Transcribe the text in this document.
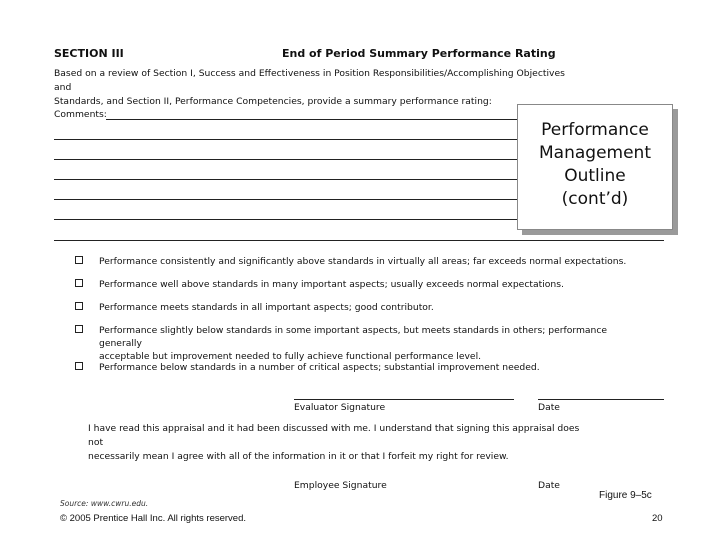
SECTION III	End of Period Summary Performance Rating
Based on a review of Section I, Success and Effectiveness in Position Responsibilities/Accomplishing Objectives and
Standards, and Section II, Performance Competencies, provide a summary performance rating:
Comments:
Performance consistently and significantly above standards in virtually all areas; far exceeds normal expectations.
Performance well above standards in many important aspects; usually exceeds normal expectations.
Performance meets standards in all important aspects; good contributor.
Performance slightly below standards in some important aspects, but meets standards in others; performance generally
acceptable but improvement needed to fully achieve functional performance level.
Performance below standards in a number of critical aspects; substantial improvement needed.
Evaluator Signature	Date
I have read this appraisal and it had been discussed with me. I understand that signing this appraisal does not
necessarily mean I agree with all of the information in it or that I forfeit my right for review.
Employee Signature	Date
Source: www.cwru.edu.
Figure 9–5c
© 2005 Prentice Hall Inc. All rights reserved.	20
Performance
Management
Outline
(cont’d)
